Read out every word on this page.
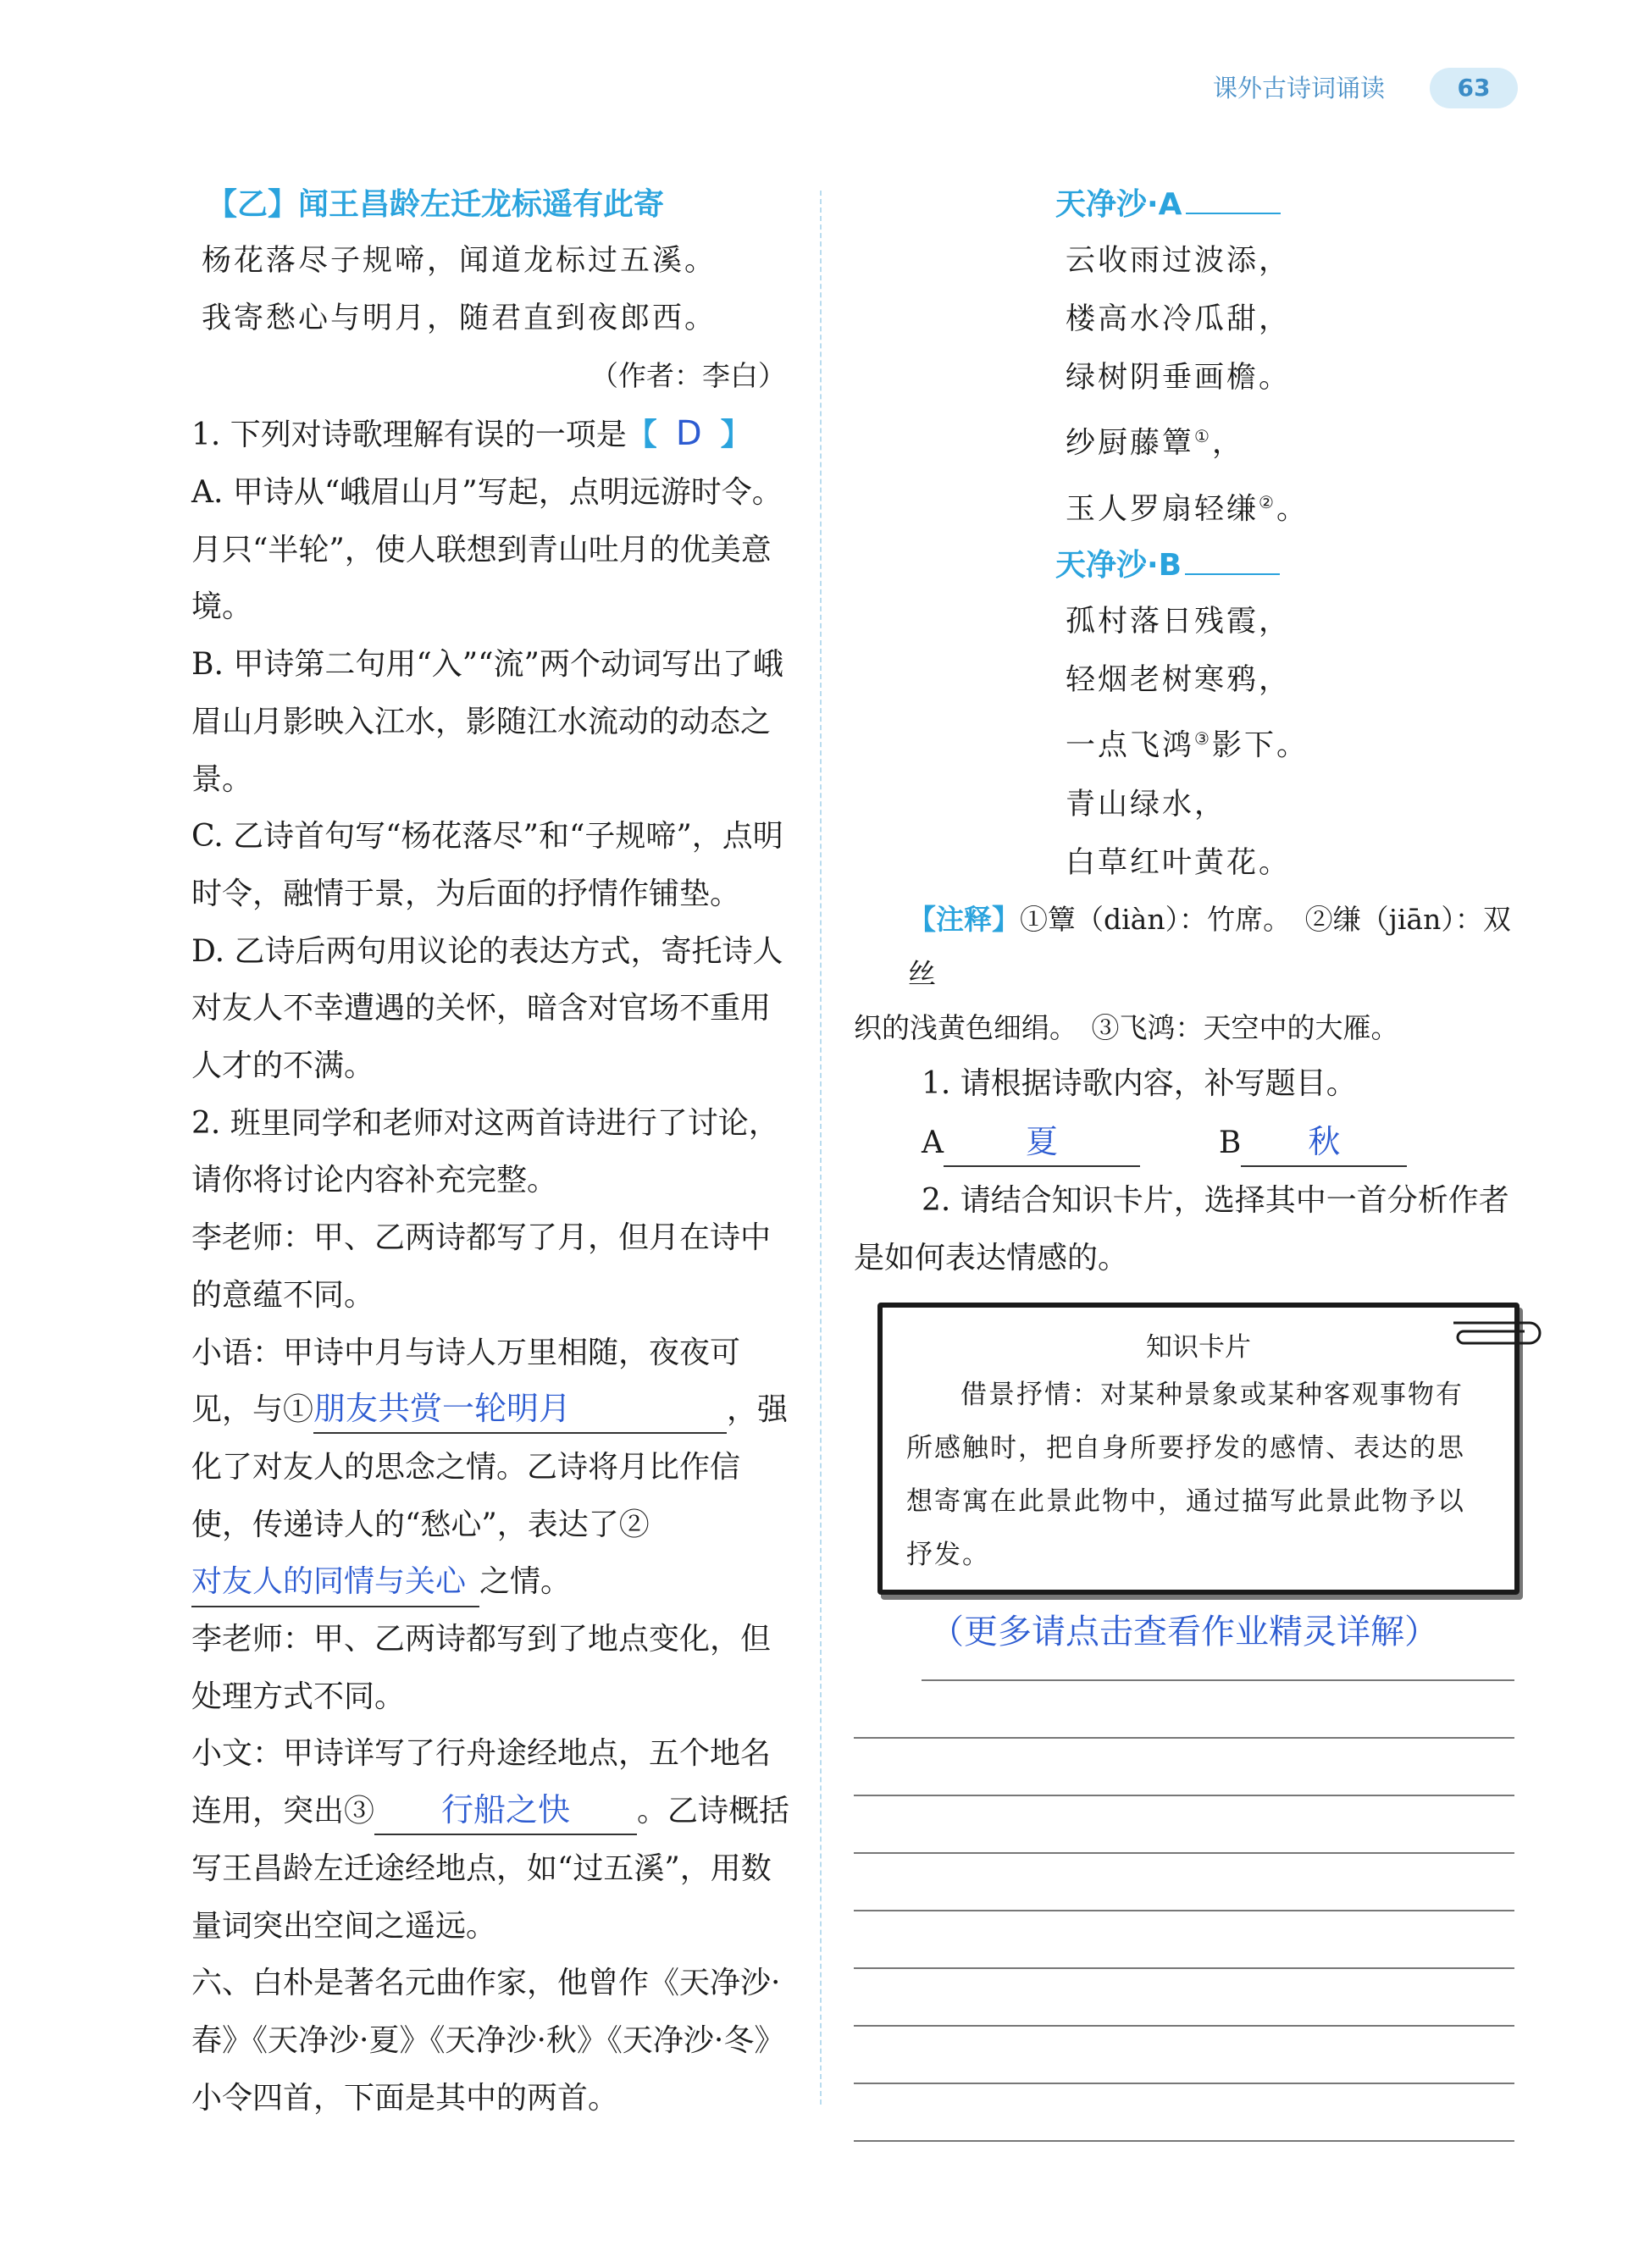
课外古诗词诵读	63

【乙】闻王昌龄左迁龙标遥有此寄

杨花落尽子规啼，闻道龙标过五溪。

我寄愁心与明月，随君直到夜郎西。

（作者：李白）

1. 下列对诗歌理解有误的一项是【 D 】

A. 甲诗从“峨眉山月”写起，点明远游时令。月只“半轮”，使人联想到青山吐月的优美意境。

B. 甲诗第二句用“入”“流”两个动词写出了峨眉山月影映入江水，影随江水流动的动态之景。

C. 乙诗首句写“杨花落尽”和“子规啼”，点明时令，融情于景，为后面的抒情作铺垫。

D. 乙诗后两句用议论的表达方式，寄托诗人对友人不幸遭遇的关怀，暗含对官场不重用人才的不满。

2. 班里同学和老师对这两首诗进行了讨论，请你将讨论内容补充完整。

李老师：甲、乙两诗都写了月，但月在诗中的意蕴不同。

小语：甲诗中月与诗人万里相随，夜夜可见，与①朋友共赏一轮明月	，强化了对友人的思念之情。乙诗将月比作信使，传递诗人的“愁心”，表达了②对友人的同情与关心 之情。

李老师：甲、乙两诗都写到了地点变化，但处理方式不同。

小文：甲诗详写了行舟途经地点，五个地名连用，突出③ 行船之快 。乙诗概括写王昌龄左迁途经地点，如“过五溪”，用数量词突出空间之遥远。

六、白朴是著名元曲作家，他曾作《天净沙·春》《天净沙·夏》《天净沙·秋》《天净沙·冬》小令四首，下面是其中的两首。

天净沙·A

云收雨过波添，

楼高水冷瓜甜，

绿树阴垂画檐。

纱厨藤簟①，

玉人罗扇轻缣②。

天净沙·B

孤村落日残霞，

轻烟老树寒鸦，

一点飞鸿③影下。

青山绿水，

白草红叶黄花。

【注释】①簟（diàn）：竹席。　②缣（jiān）：双丝

织的浅黄色细绢。　③飞鸿：天空中的大雁。

1. 请根据诗歌内容，补写题目。

A	夏	B 秋

2. 请结合知识卡片，选择其中一首分析作者是如何表达情感的。

知识卡片
借景抒情：对某种景象或某种客观事物有所感触时，把自身所要抒发的感情、表达的思想寄寓在此景此物中，通过描写此景此物予以抒发。
（更多请点击查看作业精灵详解）
